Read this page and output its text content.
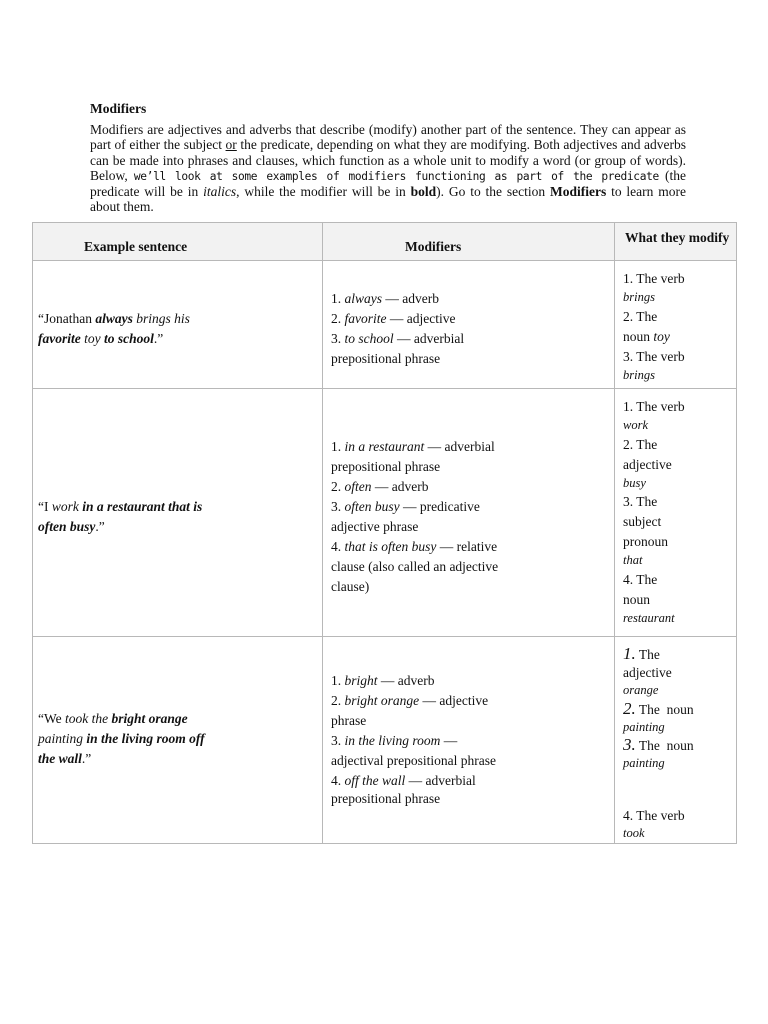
Modifiers
Modifiers are adjectives and adverbs that describe (modify) another part of the sentence. They can appear as part of either the subject or the predicate, depending on what they are modifying. Both adjectives and adverbs can be made into phrases and clauses, which function as a whole unit to modify a word (or group of words). Below, we’ll look at some examples of modifiers functioning as part of the predicate (the predicate will be in italics, while the modifier will be in bold). Go to the section Modifiers to learn more about them.
Example sentence	Modifiers
What they modify
“Jonathan always brings his
favorite toy to school.”
1. always — adverb
2. favorite — adjective
3. to school — adverbial
prepositional phrase
1. The verb
brings
2. The
noun toy
3. The verb
brings
“I work in a restaurant that is
often busy.”
1. in a restaurant — adverbial
prepositional phrase
2. often — adverb
3. often busy — predicative
adjective phrase
4. that is often busy — relative
clause (also called an adjective
clause)
1. The verb
work
2. The
adjective
busy
3. The
subject
pronoun
that
4. The
noun
restaurant
“We took the bright orange
painting in the living room off
the wall.”
1. bright — adverb
2. bright orange — adjective
phrase
3. in the living room —
adjectival prepositional phrase
4. off the wall — adverbial
prepositional phrase
1. The
adjective
orange
2. The  noun
painting
3. The  noun
painting
4. The verb
took
